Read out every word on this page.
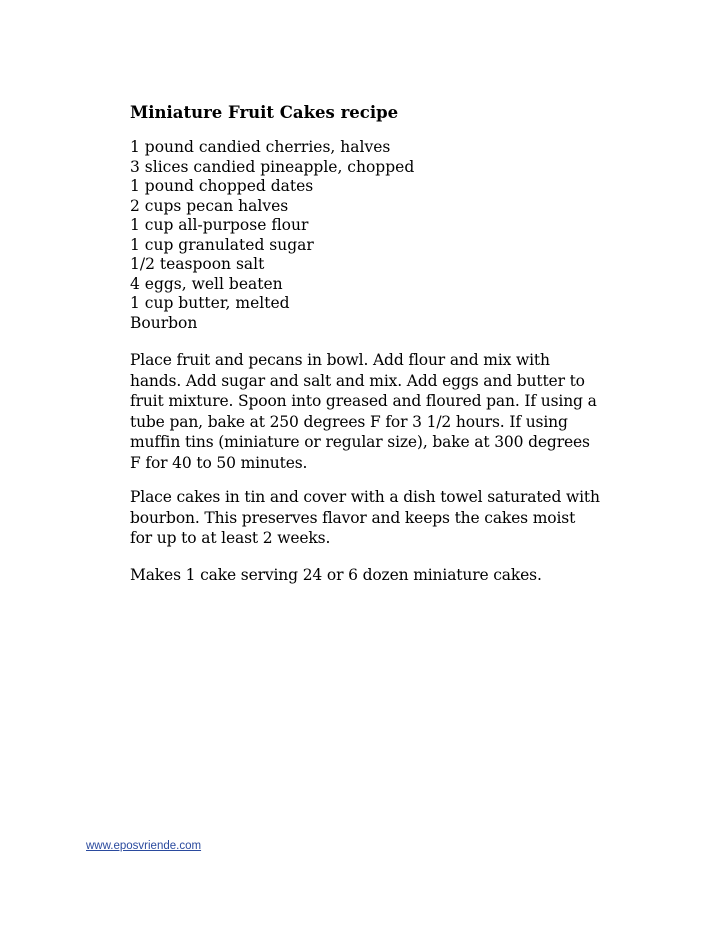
Miniature Fruit Cakes recipe
1 pound candied cherries, halves
3 slices candied pineapple, chopped
1 pound chopped dates
2 cups pecan halves
1 cup all-purpose flour
1 cup granulated sugar
1/2 teaspoon salt
4 eggs, well beaten
1 cup butter, melted
Bourbon

Place fruit and pecans in bowl. Add flour and mix with hands. Add sugar and salt and mix. Add eggs and butter to fruit mixture. Spoon into greased and floured pan. If using a tube pan, bake at 250 degrees F for 3 1/2 hours. If using muffin tins (miniature or regular size), bake at 300 degrees F for 40 to 50 minutes.

Place cakes in tin and cover with a dish towel saturated with bourbon. This preserves flavor and keeps the cakes moist for up to at least 2 weeks.

Makes 1 cake serving 24 or 6 dozen miniature cakes.

www.eposvriende.com
